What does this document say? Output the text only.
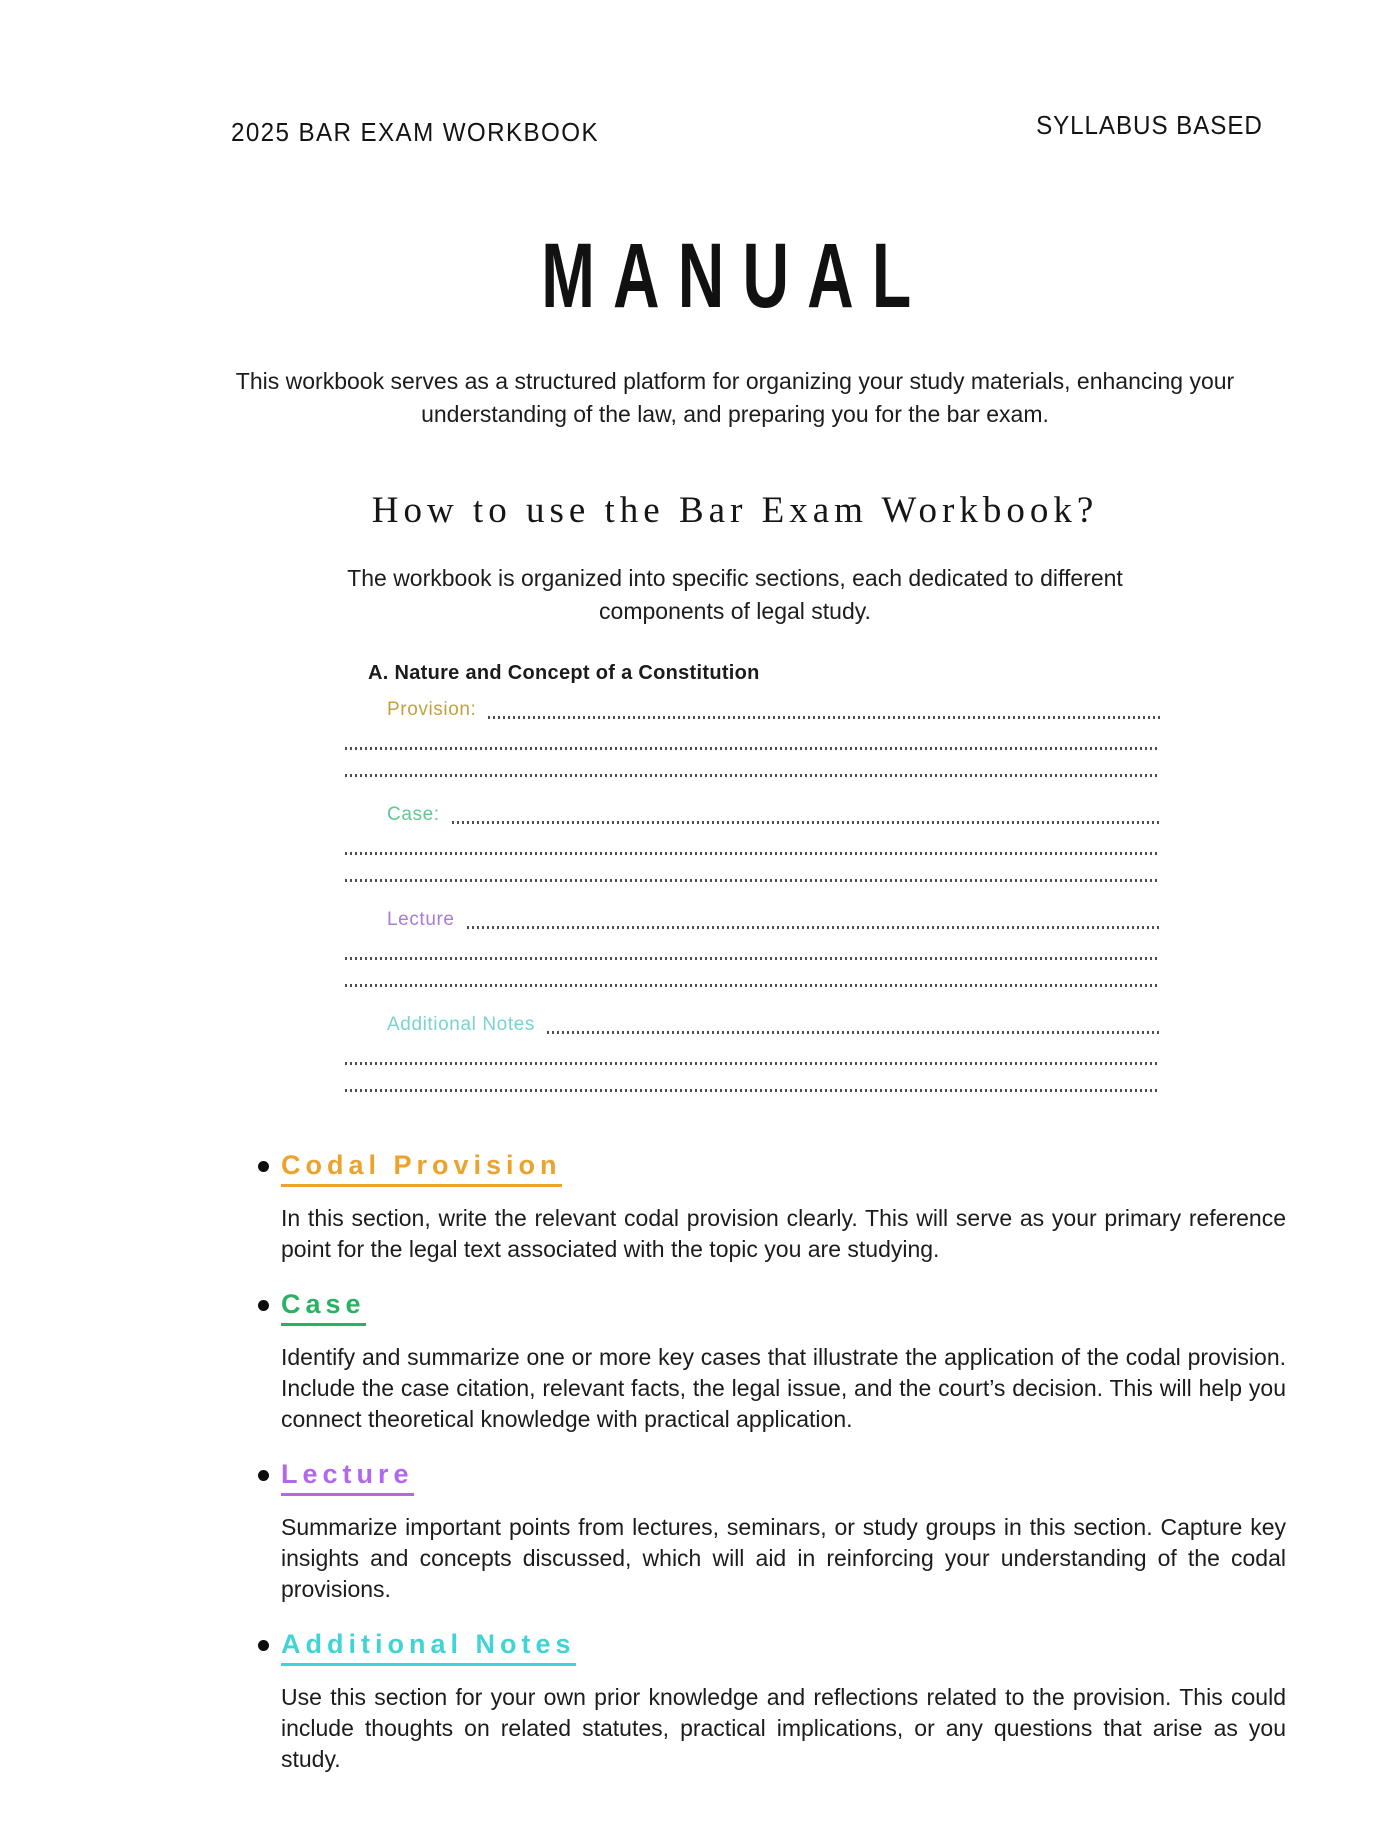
2025 BAR EXAM WORKBOOK	SYLLABUS BASED
MANUAL

This workbook serves as a structured platform for organizing your study materials, enhancing your understanding of the law, and preparing you for the bar exam.

How to use the Bar Exam Workbook?

The workbook is organized into specific sections, each dedicated to different components of legal study.

A. Nature and Concept of a Constitution
Provision:
Case:
Lecture
Additional Notes
Codal Provision

In this section, write the relevant codal provision clearly. This will serve as your primary reference point for the legal text associated with the topic you are studying.

Case

Identify and summarize one or more key cases that illustrate the application of the codal provision. Include the case citation, relevant facts, the legal issue, and the court’s decision. This will help you connect theoretical knowledge with practical application.

Lecture

Summarize important points from lectures, seminars, or study groups in this section. Capture key insights and concepts discussed, which will aid in reinforcing your understanding of the codal provisions.

Additional Notes

Use this section for your own prior knowledge and reflections related to the provision. This could include thoughts on related statutes, practical implications, or any questions that arise as you study.
